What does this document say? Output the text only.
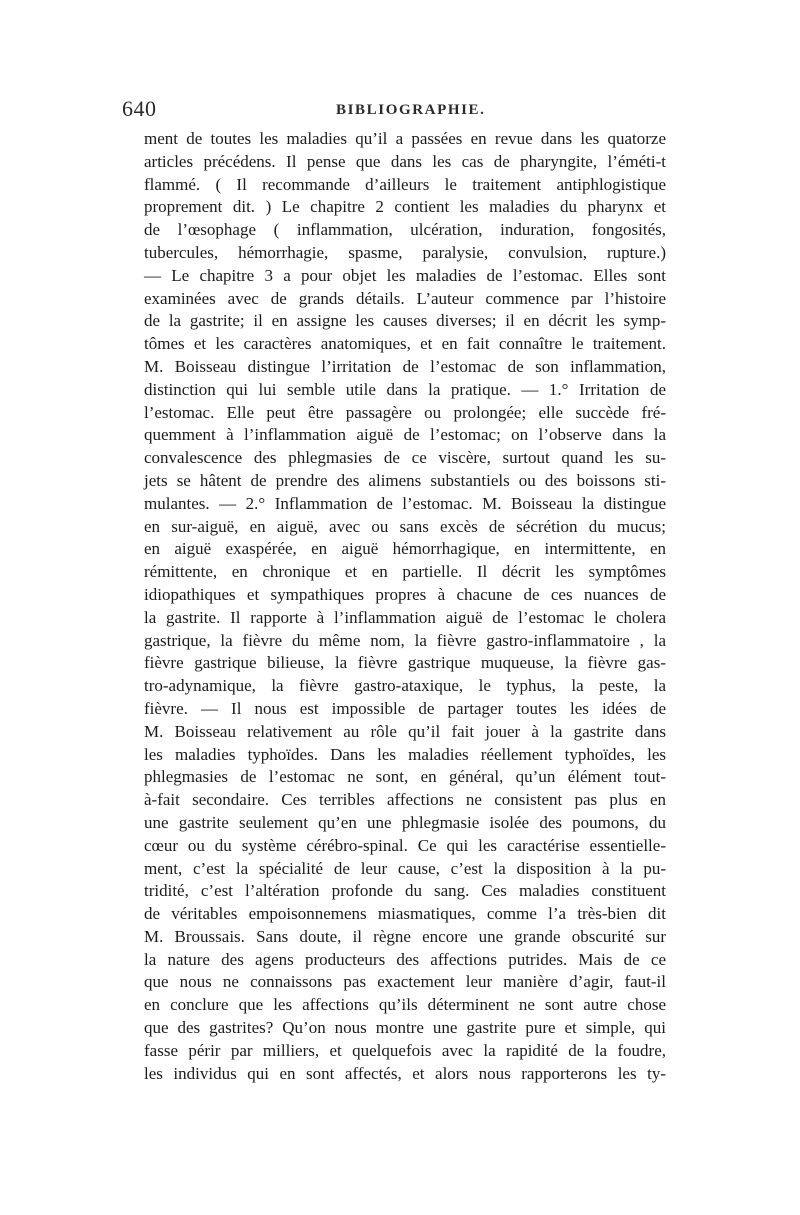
640	BIBLIOGRAPHIE.
ment de toutes les maladies qu’il a passées en revue dans les quatorze
articles précédens. Il pense que dans les cas de pharyngite, l’éméti-t
flammé. ( Il recommande d’ailleurs le traitement antiphlogistique
proprement dit. ) Le chapitre 2 contient les maladies du pharynx et
de l’œsophage ( inflammation, ulcération, induration, fongosités,
tubercules, hémorrhagie, spasme, paralysie, convulsion, rupture.)
— Le chapitre 3 a pour objet les maladies de l’estomac. Elles sont
examinées avec de grands détails. L’auteur commence par l’histoire
de la gastrite; il en assigne les causes diverses; il en décrit les symp-
tômes et les caractères anatomiques, et en fait connaître le traitement.
M. Boisseau distingue l’irritation de l’estomac de son inflammation,
distinction qui lui semble utile dans la pratique. — 1.° Irritation de
l’estomac. Elle peut être passagère ou prolongée; elle succède fré-
quemment à l’inflammation aiguë de l’estomac; on l’observe dans la
convalescence des phlegmasies de ce viscère, surtout quand les su-
jets se hâtent de prendre des alimens substantiels ou des boissons sti-
mulantes. — 2.° Inflammation de l’estomac. M. Boisseau la distingue
en sur-aiguë, en aiguë, avec ou sans excès de sécrétion du mucus;
en aiguë exaspérée, en aiguë hémorrhagique, en intermittente, en
rémittente, en chronique et en partielle. Il décrit les symptômes
idiopathiques et sympathiques propres à chacune de ces nuances de
la gastrite. Il rapporte à l’inflammation aiguë de l’estomac le cholera
gastrique, la fièvre du même nom, la fièvre gastro-inflammatoire , la
fièvre gastrique bilieuse, la fièvre gastrique muqueuse, la fièvre gas-
tro-adynamique, la fièvre gastro-ataxique, le typhus, la peste, la
fièvre. — Il nous est impossible de partager toutes les idées de
M. Boisseau relativement au rôle qu’il fait jouer à la gastrite dans
les maladies typhoïdes. Dans les maladies réellement typhoïdes, les
phlegmasies de l’estomac ne sont, en général, qu’un élément tout-
à-fait secondaire. Ces terribles affections ne consistent pas plus en
une gastrite seulement qu’en une phlegmasie isolée des poumons, du
cœur ou du système cérébro-spinal. Ce qui les caractérise essentielle-
ment, c’est la spécialité de leur cause, c’est la disposition à la pu-
tridité, c’est l’altération profonde du sang. Ces maladies constituent
de véritables empoisonnemens miasmatiques, comme l’a très-bien dit
M. Broussais. Sans doute, il règne encore une grande obscurité sur
la nature des agens producteurs des affections putrides. Mais de ce
que nous ne connaissons pas exactement leur manière d’agir, faut-il
en conclure que les affections qu’ils déterminent ne sont autre chose
que des gastrites? Qu’on nous montre une gastrite pure et simple, qui
fasse périr par milliers, et quelquefois avec la rapidité de la foudre,
les individus qui en sont affectés, et alors nous rapporterons les ty-
